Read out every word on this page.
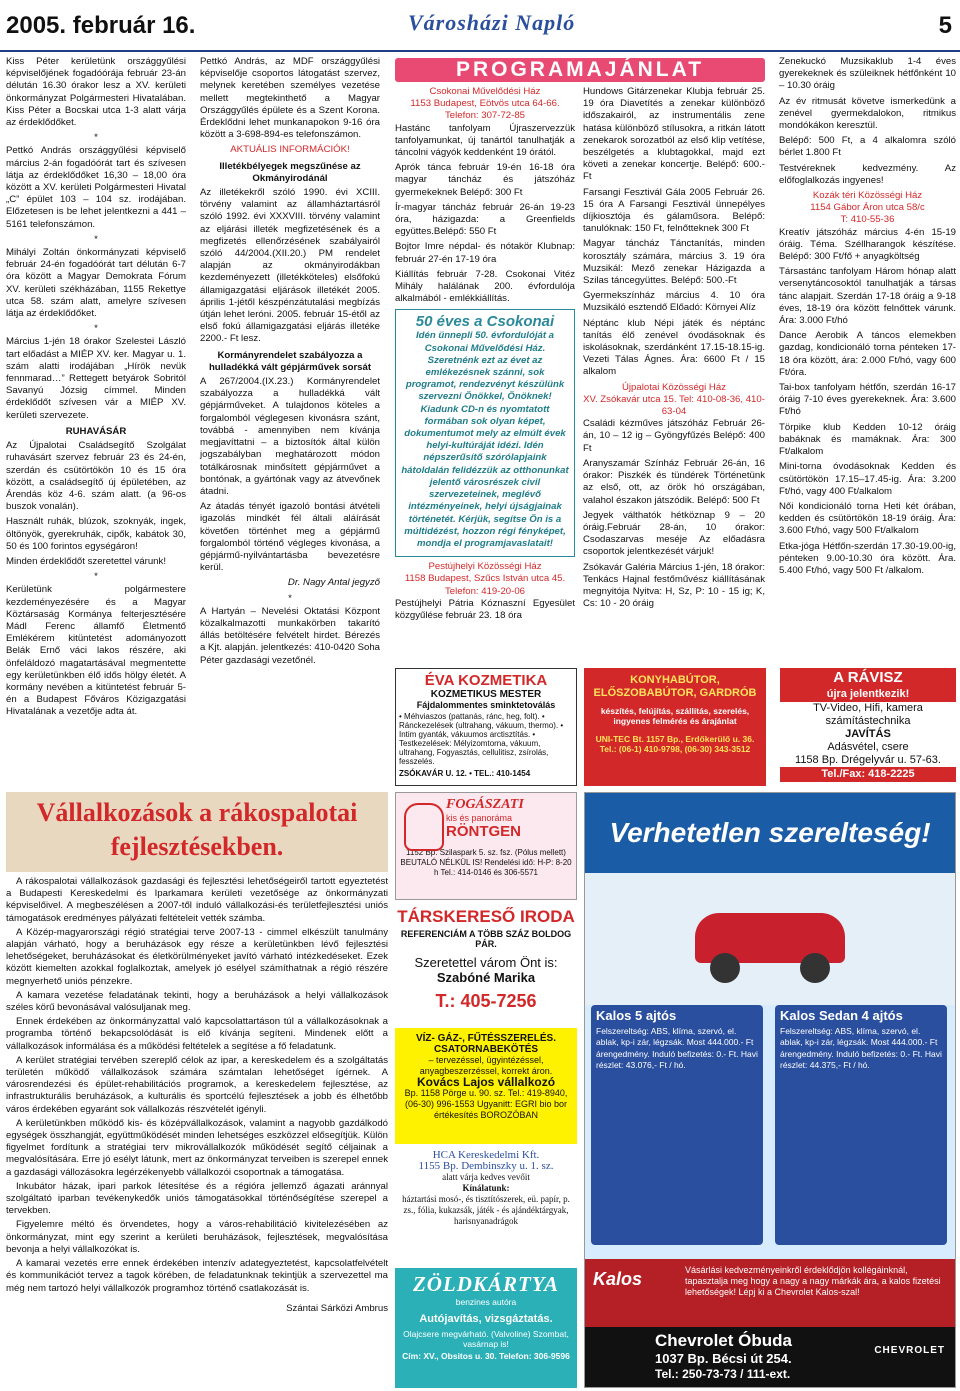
2005. február 16.	Városházi Napló	5

Kiss Péter kerületünk országgyűlési képviselőjének fogadóórája február 23-án délután 16.30 órakor lesz a XV. kerületi önkormányzat Polgármesteri Hivatalában. Kiss Péter a Bocskai utca 1-3 alatt várja az érdeklődőket.

*

Pettkó András országgyűlési képviselő március 2-án fogadóórát tart és szívesen látja az érdeklődőket 16,30 – 18,00 óra között a XV. kerületi Polgármesteri Hivatal „C” épület 103 – 104 sz. irodájában. Előzetesen is be lehet jelentkezni a 441 – 5161 telefonszámon.

*

Mihályi Zoltán önkormányzati képviselő február 24-én fogadóórát tart délután 6-7 óra között a Magyar Demokrata Fórum XV. kerületi székházában, 1155 Rekettye utca 58. szám alatt, amelyre szívesen látja az érdeklődőket.

*

Március 1-jén 18 órakor Szelestei László tart előadást a MIÉP XV. ker. Magyar u. 1. szám alatti irodájában „Hírök nevük fennmarad…” Rettegett betyárok Sobritól Savanyú Józsig címmel. Minden érdeklődőt szívesen vár a MIÉP XV. kerületi szervezete.

RUHAVÁSÁR

Az Újpalotai Családsegítő Szolgálat ruhavásárt szervez február 23 és 24-én, szerdán és csütörtökön 10 és 15 óra között, a családsegítő új épületében, az Árendás köz 4-6. szám alatt. (a 96-os buszok vonalán).

Használt ruhák, blúzok, szoknyák, ingek, öltönyök, gyerekruhák, cipők, kabátok 30, 50 és 100 forintos egységáron!

Minden érdeklődőt szeretettel várunk!

*

Kerületünk polgármestere kezdeményezésére és a Magyar Köztársaság Kormánya felterjesztésére Mádl Ferenc államfő Életmentő Emlékérem kitüntetést adományozott Belák Ernő váci lakos részére, aki önfeláldozó magatartásával megmentette egy kerületünkben élő idős hölgy életét. A kormány nevében a kitüntetést február 5-én a Budapest Főváros Közigazgatási Hivatalának a vezetője adta át.

Pettkó András, az MDF országgyűlési képviselője csoportos látogatást szervez, melynek keretében személyes vezetése mellett megtekinthető a Magyar Országgyűlés épülete és a Szent Korona. Érdeklődni lehet munkanapokon 9-16 óra között a 3-698-894-es telefonszámon.

AKTUÁLIS INFORMÁCIÓK!
Illetékbélyegek megszűnése az Okmányirodánál

Az illetékekről szóló 1990. évi XCIII. törvény valamint az államháztartásról szóló 1992. évi XXXVIII. törvény valamint az eljárási illeték megfizetésének és a megfizetés ellenőrzésének szabályairól szóló 44/2004.(XII.20.) PM rendelet alapján az okmányirodákban kezdeményezett (illetékköteles) elsőfokú államigazgatási eljárások illetékét 2005. április 1-jétől készpénzátutalási megbízás útján lehet leróni. 2005. február 15-étől az első fokú államigazgatási eljárás illetéke 2200.- Ft lesz.

Kormányrendelet szabályozza a hulladékká vált gépjárművek sorsát

A 267/2004.(IX.23.) Kormányrendelet szabályozza a hulladékká vált gépjárműveket. A tulajdonos köteles a forgalomból véglegesen kivonásra szánt, továbbá - amennyiben nem kívánja megjavíttatni – a biztosítók által külön jogszabályban meghatározott módon totálkárosnak minősített gépjárművet a bontónak, a gyártónak vagy az átvevőnek átadni.

Az átadás tényét igazoló bontási átvételi igazolás mindkét fél általi aláírását követően történhet meg a gépjármű forgalomból történő végleges kivonása, a gépjármű-nyilvántartásba bevezetésre kerül.

Dr. Nagy Antal jegyző

*

A Hartyán – Nevelési Oktatási Központ közalkalmazotti munkakörben takarító állás betöltésére felvételt hirdet. Bérezés a Kjt. alapján. jelentkezés: 410-0420 Soha Péter gazdasági vezetőnél.

PROGRAMAJÁNLAT
Csokonai Művelődési Ház
1153 Budapest, Eötvös utca 64-66.
Telefon: 307-72-85

Hastánc tanfolyam Újraszervezzük tanfolyamunkat, új tanártól tanulhatják a táncolni vágyók keddenként 19 órától.

Aprók tánca február 19-én 16-18 óra magyar táncház és játszóház gyermekeknek Belépő: 300 Ft

Ír-magyar táncház február 26-án 19-23 óra, házigazda: a Greenfields együttes.Belépő: 550 Ft

Bojtor Imre népdal- és nótakör Klubnap: február 27-én 17-19 óra

Kiállítás február 7-28. Csokonai Vitéz Mihály halálának 200. évfordulója alkalmából - emlékkiállítás.

50 éves a Csokonai

Idén ünnepli 50. évfordulóját a Csokonai Művelődési Ház. Szeretnénk ezt az évet az emlékezésnek szánni, sok programot, rendezvényt készülünk szervezni Önökkel, Önöknek! Kiadunk CD-n és nyomtatott formában sok olyan képet, dokumentumot mely az elmúlt évek helyi-kultúráját idézi. Idén népszerűsítő szórólapjaink hátoldalán felidézzük az otthonunkat jelentő városrészek civil szervezeteinek, meglévő intézményeinek, helyi újságjainak történetét. Kérjük, segítse Ön is a múltidézést, hozzon régi fényképet, mondja el programjavaslatait!

Pestújhelyi Közösségi Ház
1158 Budapest, Szűcs István utca 45.
Telefon: 419-20-06

Pestújhelyi Pátria Kóznaszní Egyesület közgyűlése február 23. 18 óra

Hundows Gitárzenekar Klubja február 25. 19 óra Diavetítés a zenekar különböző időszakairól, az instrumentális zene hatása különböző stílusokra, a ritkán látott zenekarok sorozatból az első klip vetítése, beszélgetés a klubtagokkal, majd ezt követi a zenekar koncertje. Belépő: 600.-Ft

Farsangi Fesztivál Gála 2005 Február 26. 15 óra A Farsangi Fesztivál ünnepélyes díjkiosztója és gálaműsora. Belépő: tanulóknak: 150 Ft, felnőtteknek 300 Ft

Magyar táncház Tánctanítás, minden korosztály számára, március 3. 19 óra Muzsikál: Mező zenekar Házigazda a Szilas táncegyüttes. Belépő: 500.-Ft

Gyermekszínház március 4. 10 óra Muzsikáló esztendő Előadó: Környei Alíz

Néptánc klub Népi játék és néptánc tanítás élő zenével óvodásoknak és iskolásoknak, szerdánként 17.15-18.15-ig. Vezeti Tálas Ágnes. Ára: 6600 Ft / 15 alkalom

Újpalotai Közösségi Ház
XV. Zsókavár utca 15. Tel: 410-08-36, 410-63-04

Családi kézműves játszóház Február 26-án, 10 – 12 ig – Gyöngyfűzés Belépő: 400 Ft

Aranyszamár Színház Február 26-án, 16 órakor: Piszkék és tündérek Történetünk az első, ott, az örök hó országában, valahol északon játszódik. Belépő: 500 Ft

Jegyek válthatók hétköznap 9 – 20 óráig.Február 28-án, 10 órakor: Csodaszarvas meséje Az előadásra csoportok jelentkezését várjuk!

Zsókavár Galéria Március 1-jén, 18 órakor: Tenkács Hajnal festőművész kiállításának megnyitója Nyitva: H, Sz, P: 10 - 15 ig; K, Cs: 10 - 20 óráig

Zenekuckó Muzsikaklub 1-4 éves gyerekeknek és szüleiknek hétfőnként 10 – 10.30 óráig

Az év ritmusát követve ismerkedünk a zenével gyermekdalokon, ritmikus mondókákon keresztül.

Belépő: 500 Ft, a 4 alkalomra szóló bérlet 1.800 Ft

Testvéreknek kedvezmény. Az előfoglalkozás ingyenes!

Kozák téri Közösségi Ház
1154 Gábor Áron utca 58/c
T: 410-55-36

Kreatív játszóház március 4-én 15-19 óráig. Téma. Széllharangok készítése. Belépő: 300 Ft/fő + anyagköltség

Társastánc tanfolyam Három hónap alatt versenytáncosoktól tanulhatják a társas tánc alapjait. Szerdán 17-18 óráig a 9-18 éves, 18-19 óra között felnőttek várunk. Ára: 3.000 Ft/hó

Dance Aerobik A táncos elemekben gazdag, kondicionáló torna pénteken 17-18 óra között, ára: 2.000 Ft/hó, vagy 600 Ft/óra.

Tai-box tanfolyam hétfőn, szerdán 16-17 óráig 7-10 éves gyerekeknek. Ára: 3.600 Ft/hó

Törpike klub Kedden 10-12 óráig babáknak és mamáknak. Ára: 300 Ft/alkalom

Mini-torna óvodásoknak Kedden és csütörtökön 17.15–17.45-ig. Ára: 3.200 Ft/hó, vagy 400 Ft/alkalom

Női kondicionáló torna Heti két órában, kedden és csütörtökön 18-19 óráig. Ára: 3.600 Ft/hó, vagy 500 Ft/alkalom

Etka-jóga Hétfőn-szerdán 17.30-19.00-ig, pénteken 9.00-10.30 óra között. Ára. 5.400 Ft/hó, vagy 500 Ft /alkalom.

ÉVA KOZMETIKA
KOZMETIKUS MESTER
Fájdalommentes sminktetoválás
• Méhviaszos (pattanás, ránc, heg, folt). • Ránckezelések (ultrahang, vákuum, thermo). • Intim gyanták, vákuumos arctisztítás. • Testkezelések: Mélyizomtorna, vákuum, ultrahang, Fogyasztás, cellulitisz, zsírolás, fesszelés.
ZSÓKAVÁR U. 12. • TEL.: 410-1454
KONYHABÚTOR, ELŐSZOBABÚTOR, GARDRÓB
készítés, felújítás, szállítás, szerelés, ingyenes felmérés és árajánlat
UNI-TEC Bt. 1157 Bp., Erdőkerülő u. 36. Tel.: (06-1) 410-9798, (06-30) 343-3512
A RÁVISZ
újra jelentkezik!
TV-Video, Hifi, kamera
számítástechnika
JAVÍTÁS
Adásvétel, csere
1158 Bp. Drégelyvár u. 57-63.
Tel./Fax: 418-2225
Vállalkozások a rákospalotai fejlesztésekben.

A rákospalotai vállalkozások gazdasági és fejlesztési lehetőségeiről tartott egyeztetést a Budapesti Kereskedelmi és Iparkamara kerületi vezetősége az önkormányzati képviselőivel. A megbeszélésen a 2007-től induló vállalkozási-és területfejlesztési uniós támogatások eredményes pályázati feltételeit vették számba.

A Közép-magyarországi régió stratégiai terve 2007-13 - cimmel elkészült tanulmány alapján várható, hogy a beruházások egy része a kerületünkben lévő fejlesztési lehetőségeket, beruházásokat és életkörülményeket javító várható intézkedéseket. Ezek között kiemelten azokkal foglalkoztak, amelyek jó esélyel számíthatnak a régió részére megnyerhető uniós pénzekre.

A kamara vezetése feladatának tekinti, hogy a beruházások a helyi vállalkozások széles körű bevonásával valósuljanak meg.

Ennek érdekében az önkormányzattal való kapcsolattartáson túl a vállalkozásoknak a programba történő bekapcsolódását is elő kívánja segíteni. Mindenek előtt a vállalkozások informálása és a működési feltételek a segítése a fő feladatunk.

A kerület stratégiai tervében szereplő célok az ipar, a kereskedelem és a szolgáltatás területén működő vállalkozások számára számtalan lehetőséget ígérnek. A városrendezési és épület-rehabilitációs programok, a kereskedelem fejlesztése, az infrastrukturális beruházások, a kulturális és sportcélú fejlesztések a jobb és élhetőbb város érdekében egyaránt sok vállalkozás részvételét igényli.

A kerületünkben működő kis- és középvállalkozások, valamint a nagyobb gazdálkodó egységek összhangját, együttműködését minden lehetséges eszközzel elősegítjük. Külön figyelmet fordítunk a stratégiai terv mikrovállalkozók működését segítő céljainak a megvalósítására. Erre jó esélyt látunk, mert az önkormányzat terveiben is szerepel ennek a gazdasági vállozásokra legérzékenyebb vállalkozói csoportnak a támogatása.

Inkubátor házak, ipari parkok létesítése és a régióra jellemző ágazati aránnyal szolgáltató iparban tevékenykedők uniós támogatásokkal történőségítése szerepel a tervekben.

Figyelemre méltó és örvendetes, hogy a város-rehabilitáció kivitelezésében az önkormányzat, mint egy szerint a kerületi beruházások, fejlesztések, megvalósítása bevonja a helyi vállalkozókat is.

A kamarai vezetés erre ennek érdekében intenzív adategyeztetést, kapcsolatfelvételt és kommunikációt tervez a tagok körében, de feladatunknak tekintjük a szervezettel ma még nem tartozó helyi vállalkozók programhoz történő csatlakozását is.

Szántai Sárközi Ambrus

FOGÁSZATI
kis és panoráma
RÖNTGEN
1152 Bp. Szilaspark 5. sz. fsz. (Pólus mellett) BEUTALÓ NÉLKÜL IS! Rendelési idő: H-P: 8-20 h Tel.: 414-0146 és 306-5571
TÁRSKERESŐ IRODA
REFERENCIÁM A TÖBB SZÁZ BOLDOG PÁR.
Szeretettel várom Önt is:
Szabóné Marika
T.: 405-7256
VÍZ- GÁZ-, FŰTÉSSZERELÉS. CSATORNABEKÖTÉS
– tervezéssel, ügyintézéssel, anyagbeszerzéssel, korrekt áron.
Kovács Lajos vállalkozó
Bp. 1158 Pörge u. 90. sz. Tel.: 419-8940, (06-30) 996-1553 Ugyanitt: EGRI bio bor értékesítés BOROZÓBAN
HCA Kereskedelmi Kft.
1155 Bp. Dembinszky u. 1. sz.
alatt várja kedves vevőit
Kínálatunk:
háztartási mosó-, és tisztítószerek, eü. papír, p. zs., fólia, kukazsák, játék - és ajándéktárgyak, harisnyanadrágok
ZÖLDKÁRTYA
benzines autóra
Autójavítás, vizsgáztatás.
Olajcsere megvárható. (Valvoline) Szombat, vasárnap is!
Cím: XV., Obsitos u. 30. Telefon: 306-9596
Verhetetlen szerelteség!
Kalos 5 ajtós
Felszereltség: ABS, klíma, szervó, el. ablak, kp-i zár, légzsák. Most 444.000.- Ft árengedmény. Induló befizetés: 0.- Ft. Havi részlet: 43.076,- Ft / hó.
Kalos Sedan 4 ajtós
Felszereltség: ABS, klíma, szervó, el. ablak, kp-i zár, légzsák. Most 444.000.- Ft árengedmény. Induló befizetés: 0.- Ft. Havi részlet: 44.375,- Ft / hó.
Kalos	Vásárlási kedvezményeinkről érdeklődjön kollégáinknál, tapasztalja meg hogy a nagy a nagy márkák ára, a kalos fizetési lehetőségek! Lépj ki a Chevrolet Kalos-szal!
Chevrolet Óbuda
1037 Bp. Bécsi út 254.
Tel.: 250-73-73 / 111-ext.
CHEVROLET
